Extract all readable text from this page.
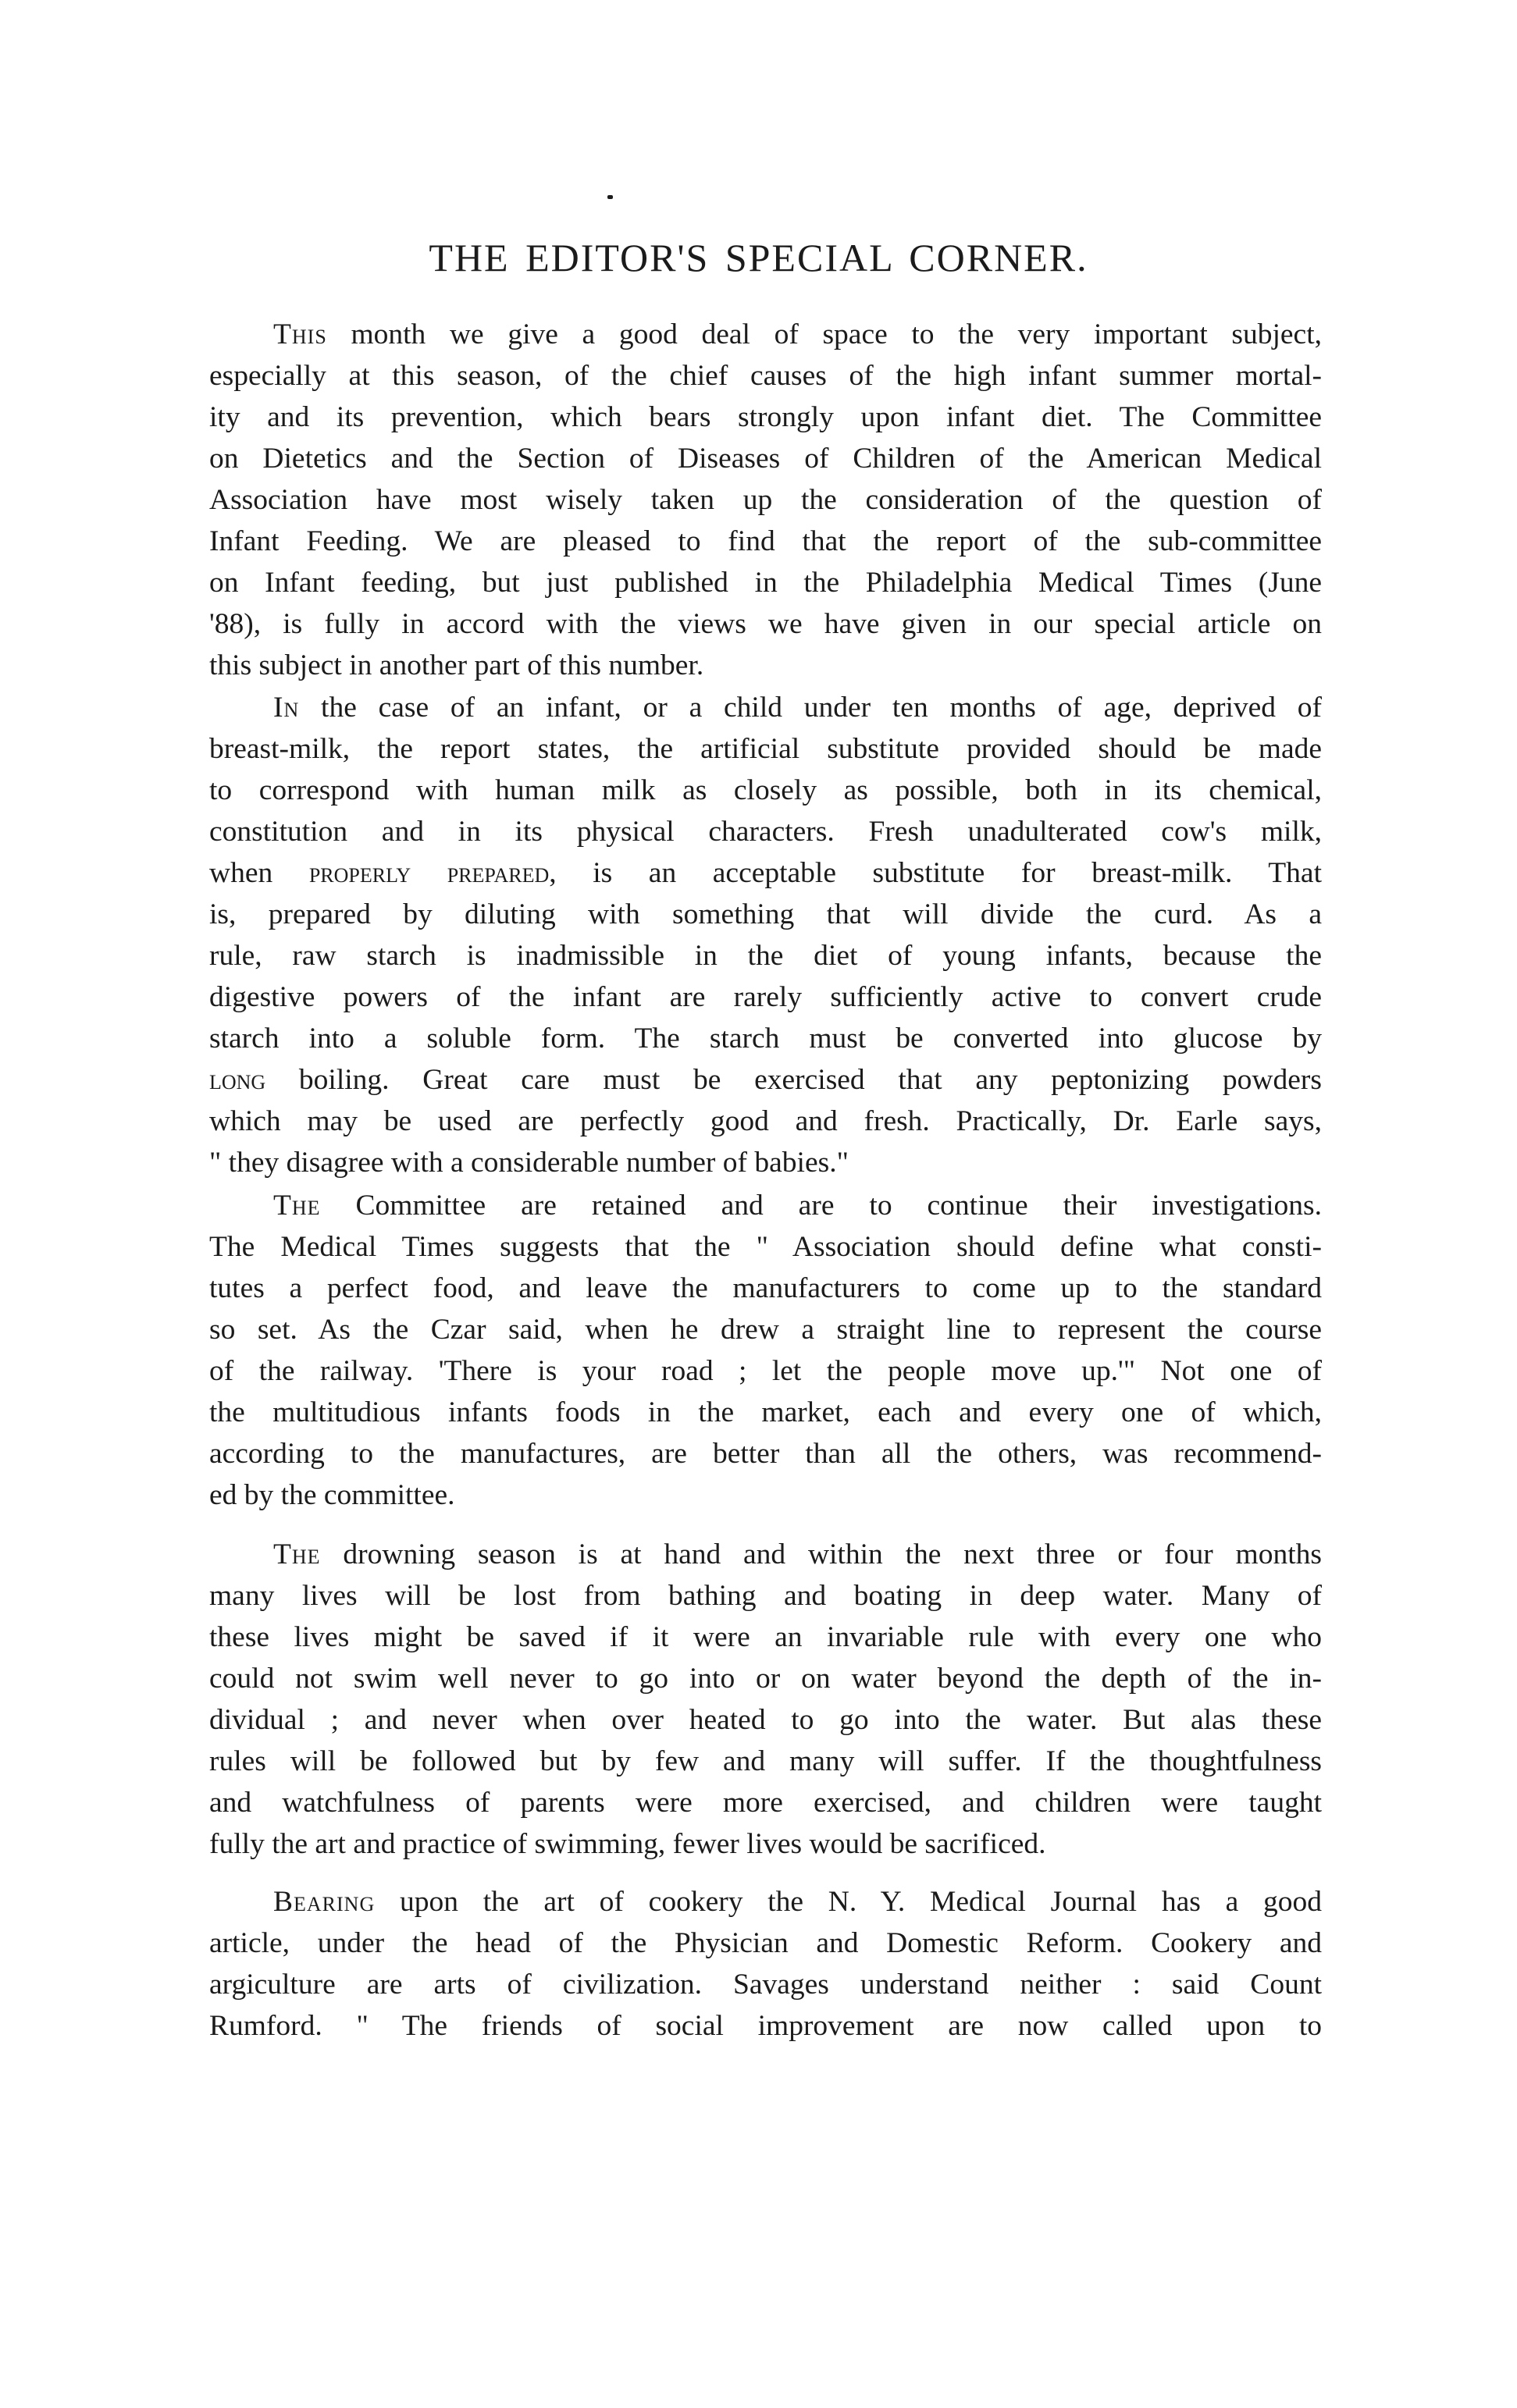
THE EDITOR'S SPECIAL CORNER.
This month we give a good deal of space to the very important subject,
especially at this season, of the chief causes of the high infant summer mortal-
ity and its prevention, which bears strongly upon infant diet. The Committee
on Dietetics and the Section of Diseases of Children of the American Medical
Association have most wisely taken up the consideration of the question of
Infant Feeding. We are pleased to find that the report of the sub-committee
on Infant feeding, but just published in the Philadelphia Medical Times (June
'88), is fully in accord with the views we have given in our special article on
this subject in another part of this number.
In the case of an infant, or a child under ten months of age, deprived of
breast-milk, the report states, the artificial substitute provided should be made
to correspond with human milk as closely as possible, both in its chemical,
constitution and in its physical characters. Fresh unadulterated cow's milk,
when properly prepared, is an acceptable substitute for breast-milk. That
is, prepared by diluting with something that will divide the curd. As a
rule, raw starch is inadmissible in the diet of young infants, because the
digestive powers of the infant are rarely sufficiently active to convert crude
starch into a soluble form. The starch must be converted into glucose by
long boiling. Great care must be exercised that any peptonizing powders
which may be used are perfectly good and fresh. Practically, Dr. Earle says,
" they disagree with a considerable number of babies."
The Committee are retained and are to continue their investigations.
The Medical Times suggests that the " Association should define what consti-
tutes a perfect food, and leave the manufacturers to come up to the standard
so set. As the Czar said, when he drew a straight line to represent the course
of the railway. 'There is your road ; let the people move up.'" Not one of
the multitudious infants foods in the market, each and every one of which,
according to the manufactures, are better than all the others, was recommend-
ed by the committee.
The drowning season is at hand and within the next three or four months
many lives will be lost from bathing and boating in deep water. Many of
these lives might be saved if it were an invariable rule with every one who
could not swim well never to go into or on water beyond the depth of the in-
dividual ; and never when over heated to go into the water. But alas these
rules will be followed but by few and many will suffer. If the thoughtfulness
and watchfulness of parents were more exercised, and children were taught
fully the art and practice of swimming, fewer lives would be sacrificed.
Bearing upon the art of cookery the N. Y. Medical Journal has a good
article, under the head of the Physician and Domestic Reform. Cookery and
argiculture are arts of civilization. Savages understand neither : said Count
Rumford. " The friends of social improvement are now called upon to
